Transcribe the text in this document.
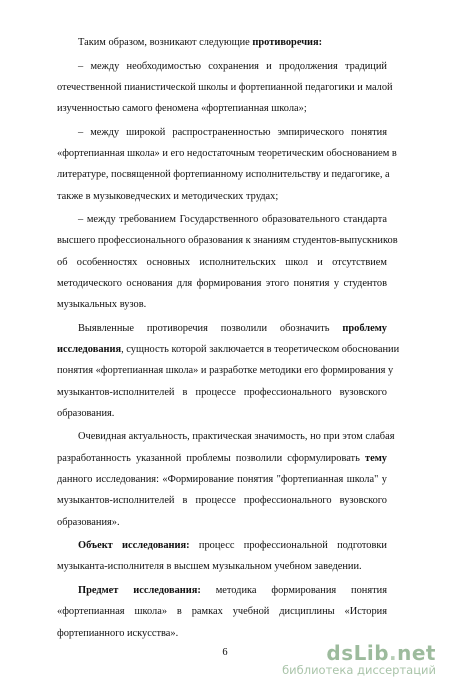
Таким образом, возникают следующие противоречия:
– между необходимостью сохранения и продолжения традиций
отечественной пианистической школы и фортепианной педагогики и малой
изученностью самого феномена «фортепианная школа»;
– между широкой распространенностью эмпирического понятия
«фортепианная школа» и его недостаточным теоретическим обоснованием в
литературе, посвященной фортепианному исполнительству и педагогике, а
также в музыковедческих и методических трудах;
– между требованием Государственного образовательного стандарта
высшего профессионального образования к знаниям студентов-выпускников
об особенностях основных исполнительских школ и отсутствием
методического основания для формирования этого понятия у студентов
музыкальных вузов.
Выявленные противоречия позволили обозначить проблему
исследования, сущность которой заключается в теоретическом обосновании
понятия «фортепианная школа» и разработке методики его формирования у
музыкантов-исполнителей в процессе профессионального вузовского
образования.
Очевидная актуальность, практическая значимость, но при этом слабая
разработанность указанной проблемы позволили сформулировать тему
данного исследования: «Формирование понятия "фортепианная школа" у
музыкантов-исполнителей в процессе профессионального вузовского
образования».
Объект исследования: процесс профессиональной подготовки
музыканта-исполнителя в высшем музыкальном учебном заведении.
Предмет исследования: методика формирования понятия
«фортепианная школа» в рамках учебной дисциплины «История
фортепианного искусства».
6	dsLib.net
библиотека диссертаций
